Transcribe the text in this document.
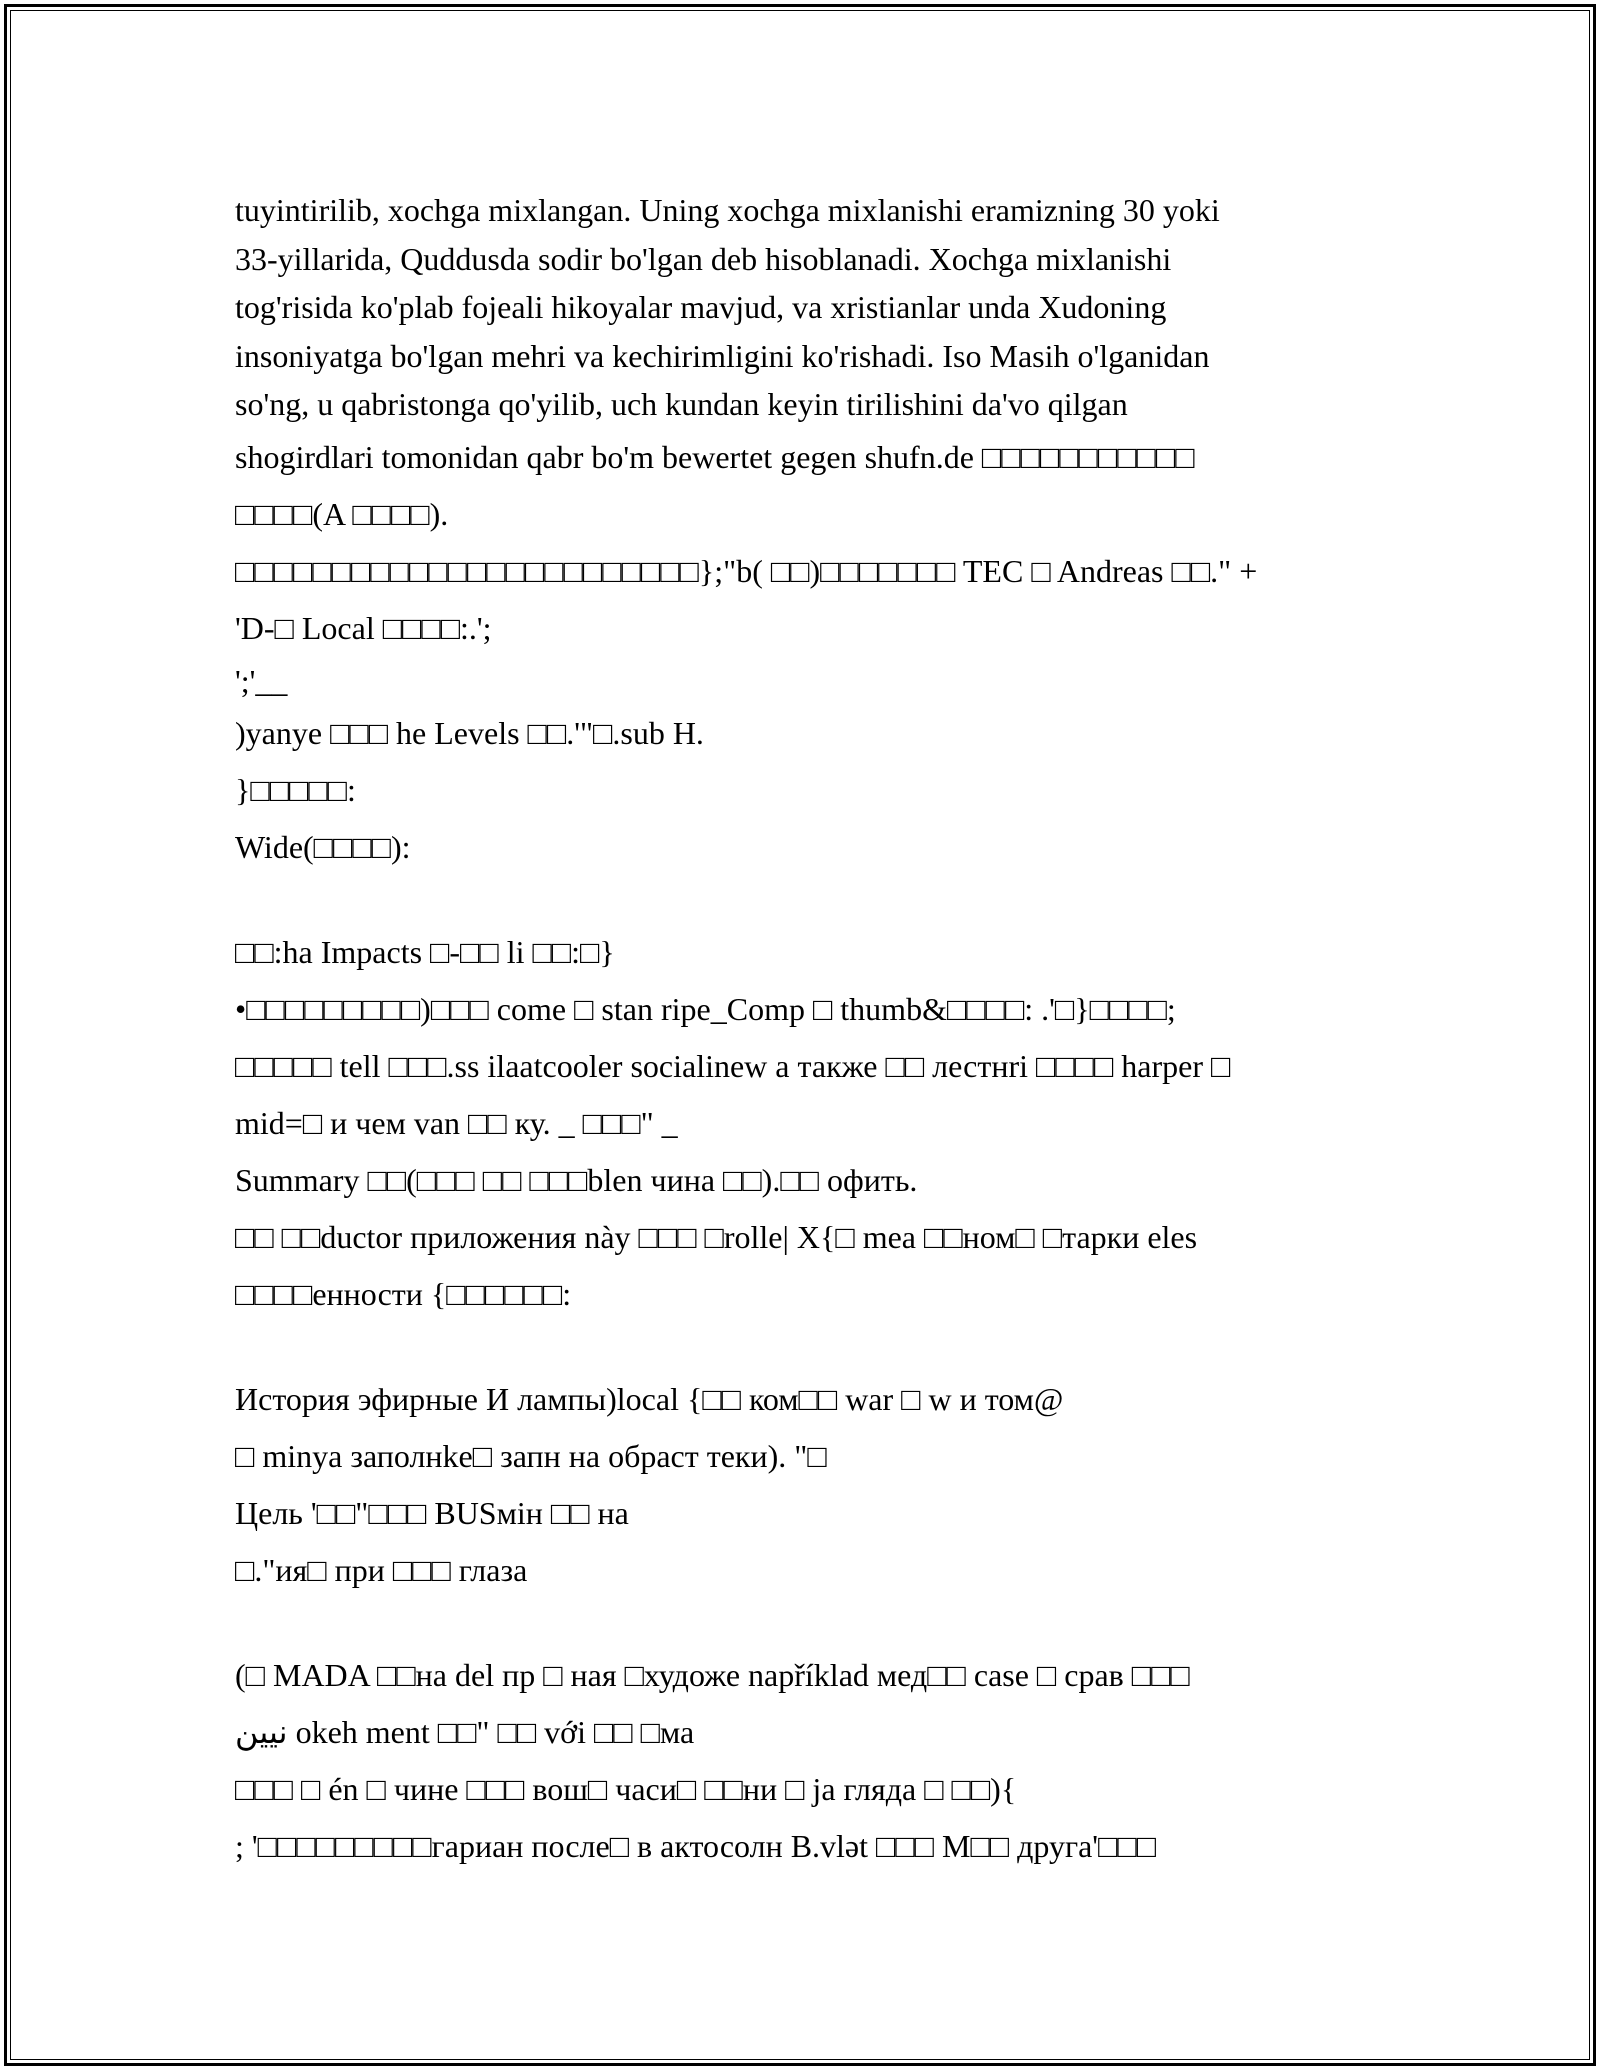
tuyintirilib, xochga mixlangan. Uning xochga mixlanishi eramizning 30 yoki
33-yillarida, Quddusda sodir bo'lgan deb hisoblanadi. Xochga mixlanishi
tog'risida ko'plab fojeali hikoyalar mavjud, va xristianlar unda Xudoning
insoniyatga bo'lgan mehri va kechirimligini ko'rishadi. Iso Masih o'lganidan
so'ng, u qabristonga qo'yilib, uch kundan keyin tirilishini da'vo qilgan
shogirdlari tomonidan qabr bo'm bewertet gegen shufn.de □□□□□□□□□□□
□□□□(A □□□□).
□□□□□□□□□□□□□□□□□□□□□□□□};"b( □□)□□□□□□□ TEC □ Andreas □□." +
'D-□ Local □□□□:.';
';'__
)yanye □□□ he Levels □□.'"□.sub H.
}□□□□□:
Wide(□□□□):
□□:ha Impacts □-□□ li □□:□}
•□□□□□□□□□)□□□ come □ stan ripe_Comp □ thumb&□□□□: .'□}□□□□;
□□□□□ tell □□□.ss ilaatcooler socialinew a также □□ лестнri □□□□ harper □
mid=□ и чем van □□ ку. _ □□□" _
Summary □□(□□□ □□ □□□blen чина □□).□□ офить.
□□ □□ductor приложения này □□□ □rolle| X{□ mea □□ном□ □тарки eles
□□□□енности {□□□□□□:
История эфирные И лампы)local {□□ ком□□ war □ w и том@
□ minya заполнkе□ запн на обраст теки). "□
Цель '□□"□□□ BUSмiн □□ на
□."ия□ при □□□ глаза
(□ MADA □□на del пр □ ная □художе například мед□□ case □ срав □□□
نيين okeh ment □□" □□ với □□ □ма
□□□ □ én □ чине □□□ вош□ часи□ □□ни □ ja гляда □ □□){
; '□□□□□□□□□гариан после□ в актосолн B.vlət □□□ M□□ друга'□□□
